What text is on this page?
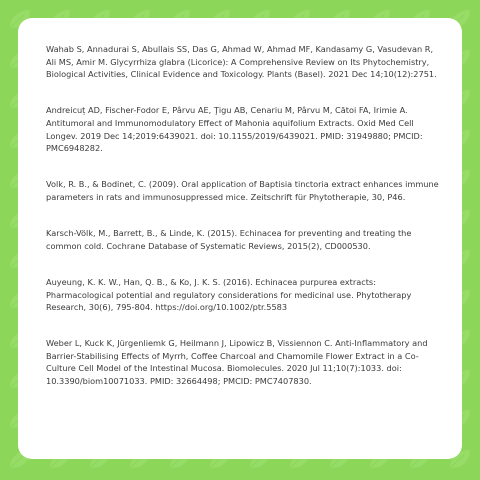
Wahab S, Annadurai S, Abullais SS, Das G, Ahmad W, Ahmad MF, Kandasamy G, Vasudevan R, Ali MS, Amir M. Glycyrrhiza glabra (Licorice): A Comprehensive Review on Its Phytochemistry, Biological Activities, Clinical Evidence and Toxicology. Plants (Basel). 2021 Dec 14;10(12):2751.

Andreicuț AD, Fischer-Fodor E, Pârvu AE, Ţigu AB, Cenariu M, Pârvu M, Cătoi FA, Irimie A. Antitumoral and Immunomodulatory Effect of Mahonia aquifolium Extracts. Oxid Med Cell Longev. 2019 Dec 14;2019:6439021. doi: 10.1155/2019/6439021. PMID: 31949880; PMCID: PMC6948282.

Volk, R. B., & Bodinet, C. (2009). Oral application of Baptisia tinctoria extract enhances immune parameters in rats and immunosuppressed mice. Zeitschrift für Phytotherapie, 30, P46.

Karsch-Völk, M., Barrett, B., & Linde, K. (2015). Echinacea for preventing and treating the common cold. Cochrane Database of Systematic Reviews, 2015(2), CD000530.

Auyeung, K. K. W., Han, Q. B., & Ko, J. K. S. (2016). Echinacea purpurea extracts: Pharmacological potential and regulatory considerations for medicinal use. Phytotherapy Research, 30(6), 795-804. https://doi.org/10.1002/ptr.5583

Weber L, Kuck K, Jürgenliemk G, Heilmann J, Lipowicz B, Vissiennon C. Anti-Inflammatory and Barrier-Stabilising Effects of Myrrh, Coffee Charcoal and Chamomile Flower Extract in a Co-Culture Cell Model of the Intestinal Mucosa. Biomolecules. 2020 Jul 11;10(7):1033. doi: 10.3390/biom10071033. PMID: 32664498; PMCID: PMC7407830.
